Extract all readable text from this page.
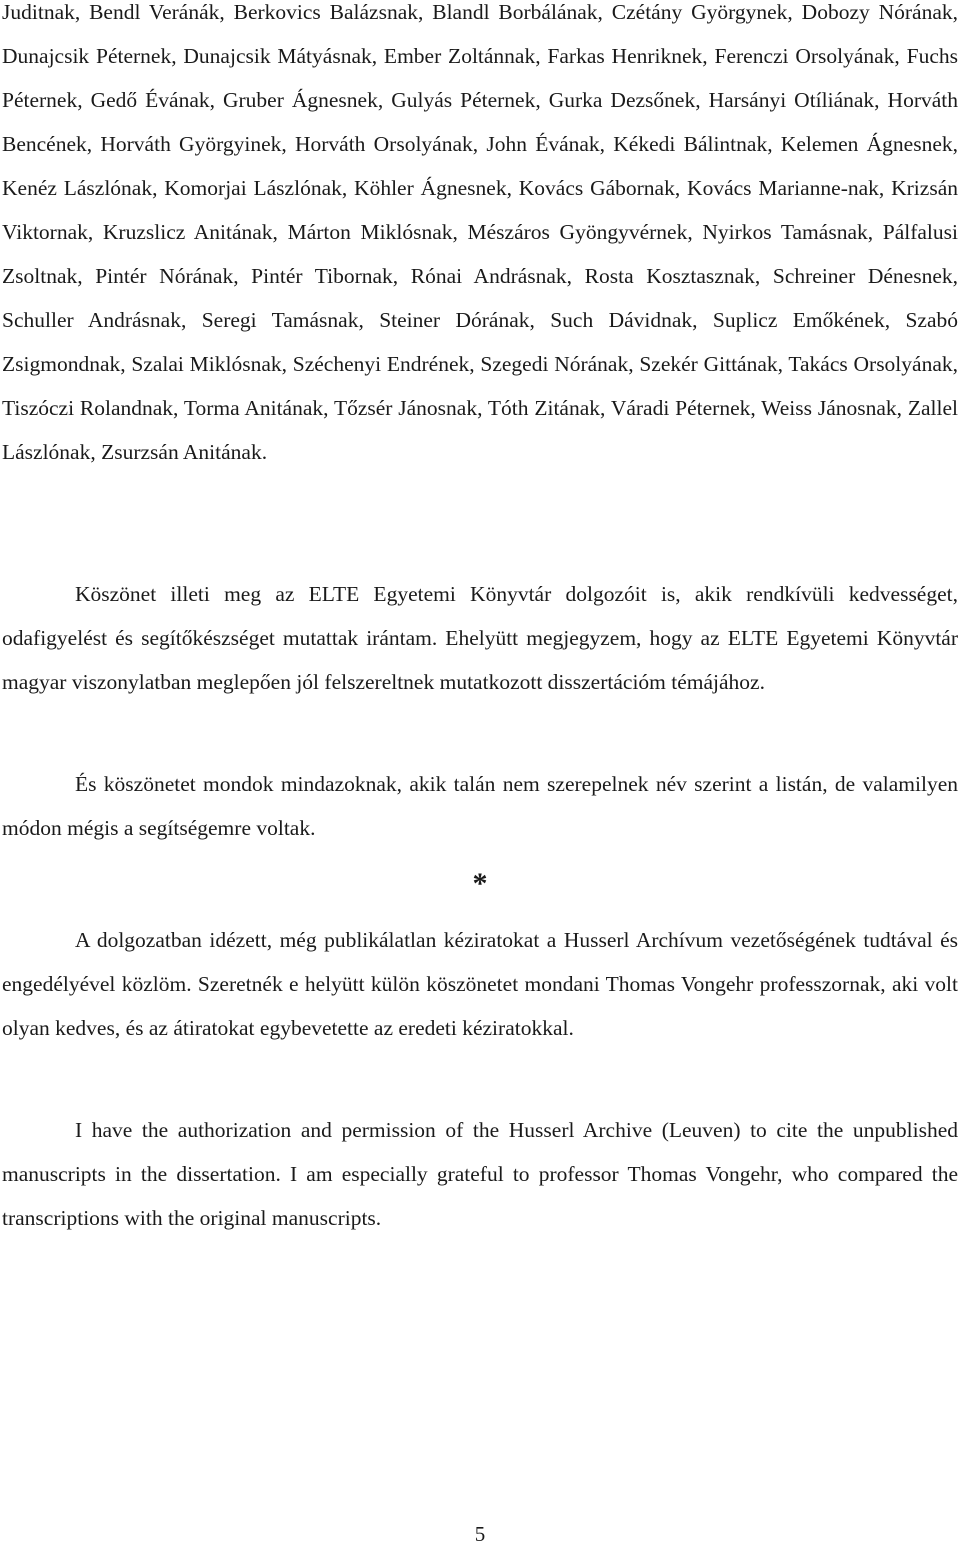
Juditnak, Bendl Veránák, Berkovics Balázsnak, Blandl Borbálának, Czétány Györgynek, Dobozy Nórának, Dunajcsik Péternek, Dunajcsik Mátyásnak, Ember Zoltánnak, Farkas Henriknek, Ferenczi Orsolyának, Fuchs Péternek, Gedő Évának, Gruber Ágnesnek, Gulyás Péternek, Gurka Dezsőnek, Harsányi Otíliának, Horváth Bencének, Horváth Györgyinek, Horváth Orsolyának, John Évának, Kékedi Bálintnak, Kelemen Ágnesnek, Kenéz Lászlónak, Komorjai Lászlónak, Köhler Ágnesnek, Kovács Gábornak, Kovács Marianne-nak, Krizsán Viktornak, Kruzslicz Anitának, Márton Miklósnak, Mészáros Gyöngyvérnek, Nyirkos Tamásnak, Pálfalusi Zsoltnak, Pintér Nórának, Pintér Tibornak, Rónai Andrásnak, Rosta Kosztasznak, Schreiner Dénesnek, Schuller Andrásnak, Seregi Tamásnak, Steiner Dórának, Such Dávidnak, Suplicz Emőkének, Szabó Zsigmondnak, Szalai Miklósnak, Széchenyi Endrének, Szegedi Nórának, Szekér Gittának, Takács Orsolyának, Tiszóczi Rolandnak, Torma Anitának, Tőzsér Jánosnak, Tóth Zitának, Váradi Péternek, Weiss Jánosnak, Zallel Lászlónak, Zsurzsán Anitának.

Köszönet illeti meg az ELTE Egyetemi Könyvtár dolgozóit is, akik rendkívüli kedvességet, odafigyelést és segítőkészséget mutattak irántam. Ehelyütt megjegyzem, hogy az ELTE Egyetemi Könyvtár magyar viszonylatban meglepően jól felszereltnek mutatkozott disszertációm témájához.

És köszönetet mondok mindazoknak, akik talán nem szerepelnek név szerint a listán, de valamilyen módon mégis a segítségemre voltak.

*

A dolgozatban idézett, még publikálatlan kéziratokat a Husserl Archívum vezetőségének tudtával és engedélyével közlöm. Szeretnék e helyütt külön köszönetet mondani Thomas Vongehr professzornak, aki volt olyan kedves, és az átiratokat egybevetette az eredeti kéziratokkal.

I have the authorization and permission of the Husserl Archive (Leuven) to cite the unpublished manuscripts in the dissertation. I am especially grateful to professor Thomas Vongehr, who compared the transcriptions with the original manuscripts.

5
